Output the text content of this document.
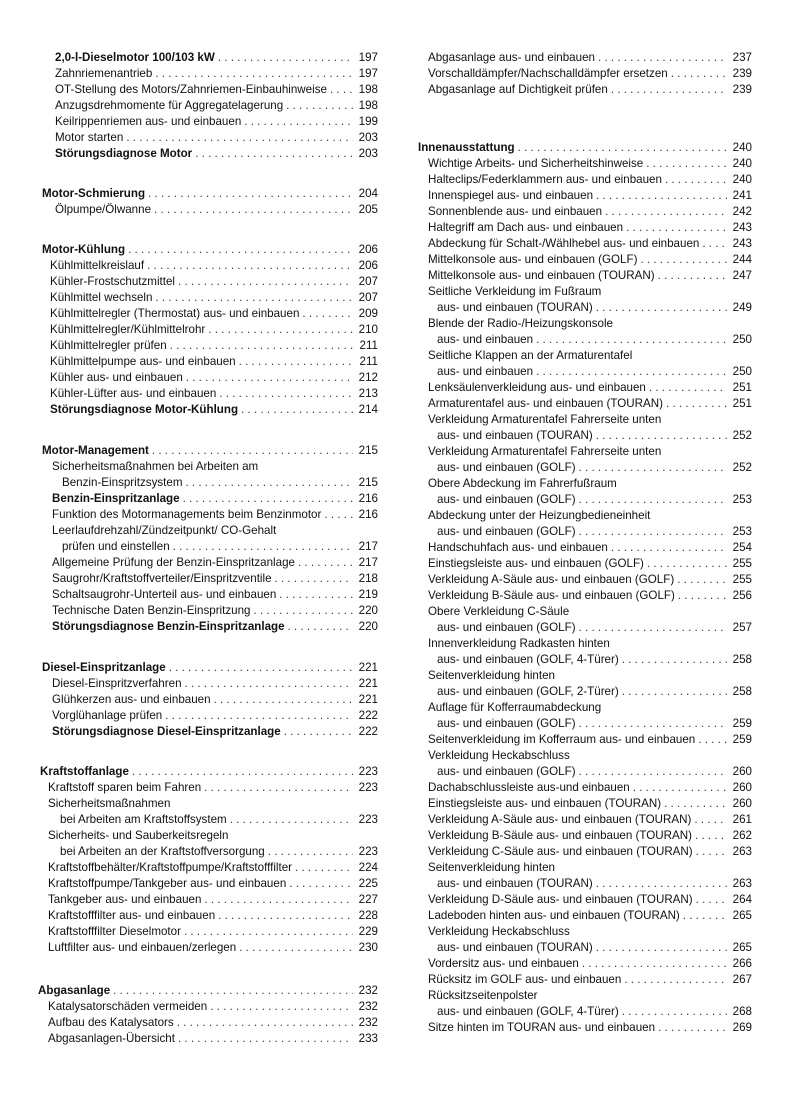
2,0-l-Dieselmotor 100/103 kW . . .	197
Zahnriemenantrieb . . .	197
OT-Stellung des Motors/Zahnriemen-Einbauhinweise . . .	198
Anzugsdrehmomente für Aggregatelagerung . . .	198
Keilrippenriemen aus- und einbauen . . .	199
Motor starten . . .	203
Störungsdiagnose Motor . . .	203
Motor-Schmierung . . .	204
Ölpumpe/Ölwanne . . .	205
Motor-Kühlung . . .	206
Kühlmittelkreislauf . . .	206
Kühler-Frostschutzmittel . . .	207
Kühlmittel wechseln . . .	207
Kühlmittelregler (Thermostat) aus- und einbauen . . .	209
Kühlmittelregler/Kühlmittelrohr . . .	210
Kühlmittelregler prüfen . . .	211
Kühlmittelpumpe aus- und einbauen . . .	211
Kühler aus- und einbauen . . .	212
Kühler-Lüfter aus- und einbauen . . .	213
Störungsdiagnose Motor-Kühlung . . .	214
Motor-Management . . .	215
Sicherheitsmaßnahmen bei Arbeiten am
Benzin-Einspritzsystem . . .	215
Benzin-Einspritzanlage . . .	216
Funktion des Motormanagements beim Benzinmotor . . .	216
Leerlaufdrehzahl/Zündzeitpunkt/ CO-Gehalt
prüfen und einstellen . . .	217
Allgemeine Prüfung der Benzin-Einspritzanlage . . .	217
Saugrohr/Kraftstoffverteiler/Einspritzventile . . .	218
Schaltsaugrohr-Unterteil aus- und einbauen . . .	219
Technische Daten Benzin-Einspritzung . . .	220
Störungsdiagnose Benzin-Einspritzanlage . . .	220
Diesel-Einspritzanlage . . .	221
Diesel-Einspritzverfahren . . .	221
Glühkerzen aus- und einbauen . . .	221
Vorglühanlage prüfen . . .	222
Störungsdiagnose Diesel-Einspritzanlage . . .	222
Kraftstoffanlage . . .	223
Kraftstoff sparen beim Fahren . . .	223
Sicherheitsmaßnahmen
bei Arbeiten am Kraftstoffsystem . . .	223
Sicherheits- und Sauberkeitsregeln
bei Arbeiten an der Kraftstoffversorgung . . .	223
Kraftstoffbehälter/Kraftstoffpumpe/Kraftstofffilter . . .	224
Kraftstoffpumpe/Tankgeber aus- und einbauen . . .	225
Tankgeber aus- und einbauen . . .	227
Kraftstofffilter aus- und einbauen . . .	228
Kraftstofffilter Dieselmotor . . .	229
Luftfilter aus- und einbauen/zerlegen . . .	230
Abgasanlage . . .	232
Katalysatorschäden vermeiden . . .	232
Aufbau des Katalysators . . .	232
Abgasanlagen-Übersicht . . .	233
Abgasanlage aus- und einbauen . . .	237
Vorschalldämpfer/Nachschalldämpfer ersetzen . . .	239
Abgasanlage auf Dichtigkeit prüfen . . .	239
Innenausstattung . . .	240
Wichtige Arbeits- und Sicherheitshinweise . . .	240
Halteclips/Federklammern aus- und einbauen . . .	240
Innenspiegel aus- und einbauen . . .	241
Sonnenblende aus- und einbauen . . .	242
Haltegriff am Dach aus- und einbauen . . .	243
Abdeckung für Schalt-/Wählhebel aus- und einbauen . . .	243
Mittelkonsole aus- und einbauen (GOLF) . . .	244
Mittelkonsole aus- und einbauen (TOURAN) . . .	247
Seitliche Verkleidung im Fußraum
aus- und einbauen (TOURAN) . . .	249
Blende der Radio-/Heizungskonsole
aus- und einbauen . . .	250
Seitliche Klappen an der Armaturentafel
aus- und einbauen . . .	250
Lenksäulenverkleidung aus- und einbauen . . .	251
Armaturentafel aus- und einbauen (TOURAN) . . .	251
Verkleidung Armaturentafel Fahrerseite unten
aus- und einbauen (TOURAN) . . .	252
Verkleidung Armaturentafel Fahrerseite unten
aus- und einbauen (GOLF) . . .	252
Obere Abdeckung im Fahrerfußraum
aus- und einbauen (GOLF) . . .	253
Abdeckung unter der Heizungbedieneinheit
aus- und einbauen (GOLF) . . .	253
Handschuhfach aus- und einbauen . . .	254
Einstiegsleiste aus- und einbauen (GOLF) . . .	255
Verkleidung A-Säule aus- und einbauen (GOLF) . . .	255
Verkleidung B-Säule aus- und einbauen (GOLF) . . .	256
Obere Verkleidung C-Säule
aus- und einbauen (GOLF) . . .	257
Innenverkleidung Radkasten hinten
aus- und einbauen (GOLF, 4-Türer) . . .	258
Seitenverkleidung hinten
aus- und einbauen (GOLF, 2-Türer) . . .	258
Auflage für Kofferraumabdeckung
aus- und einbauen (GOLF) . . .	259
Seitenverkleidung im Kofferraum aus- und einbauen . . .	259
Verkleidung Heckabschluss
aus- und einbauen (GOLF) . . .	260
Dachabschlussleiste aus-und einbauen . . .	260
Einstiegsleiste aus- und einbauen (TOURAN) . . .	260
Verkleidung A-Säule aus- und einbauen (TOURAN) . . .	261
Verkleidung B-Säule aus- und einbauen (TOURAN) . . .	262
Verkleidung C-Säule aus- und einbauen (TOURAN) . . .	263
Seitenverkleidung hinten
aus- und einbauen (TOURAN) . . .	263
Verkleidung D-Säule aus- und einbauen (TOURAN) . . .	264
Ladeboden hinten aus- und einbauen (TOURAN) . . .	265
Verkleidung Heckabschluss
aus- und einbauen (TOURAN) . . .	265
Vordersitz aus- und einbauen . . .	266
Rücksitz im GOLF aus- und einbauen . . .	267
Rücksitzseitenpolster
aus- und einbauen (GOLF, 4-Türer) . . .	268
Sitze hinten im TOURAN aus- und einbauen . . .	269
